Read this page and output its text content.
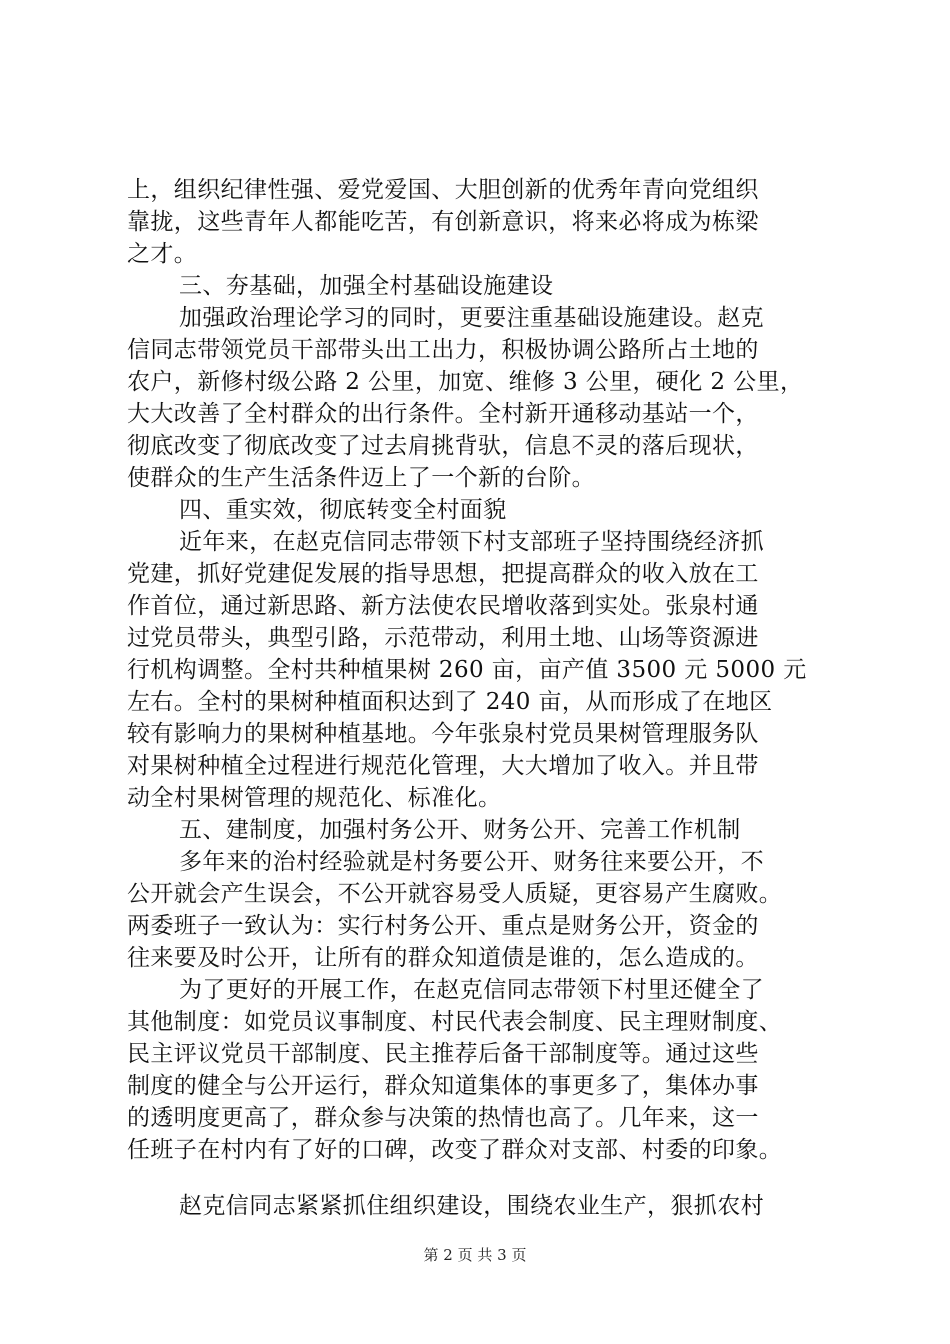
上，组织纪律性强、爱党爱国、大胆创新的优秀年青向党组织
靠拢，这些青年人都能吃苦，有创新意识，将来必将成为栋梁
之才。
三、夯基础，加强全村基础设施建设
加强政治理论学习的同时，更要注重基础设施建设。赵克
信同志带领党员干部带头出工出力，积极协调公路所占土地的
农户，新修村级公路 2 公里，加宽、维修 3 公里，硬化 2 公里，
大大改善了全村群众的出行条件。全村新开通移动基站一个，
彻底改变了彻底改变了过去肩挑背驮，信息不灵的落后现状，
使群众的生产生活条件迈上了一个新的台阶。
四、重实效，彻底转变全村面貌
近年来，在赵克信同志带领下村支部班子坚持围绕经济抓
党建，抓好党建促发展的指导思想，把提高群众的收入放在工
作首位，通过新思路、新方法使农民增收落到实处。张泉村通
过党员带头，典型引路，示范带动，利用土地、山场等资源进
行机构调整。全村共种植果树 260 亩，亩产值 3500 元 5000 元
左右。全村的果树种植面积达到了 240 亩，从而形成了在地区
较有影响力的果树种植基地。今年张泉村党员果树管理服务队
对果树种植全过程进行规范化管理，大大增加了收入。并且带
动全村果树管理的规范化、标准化。
五、建制度，加强村务公开、财务公开、完善工作机制
多年来的治村经验就是村务要公开、财务往来要公开，不
公开就会产生误会，不公开就容易受人质疑，更容易产生腐败。
两委班子一致认为：实行村务公开、重点是财务公开，资金的
往来要及时公开，让所有的群众知道债是谁的，怎么造成的。
为了更好的开展工作，在赵克信同志带领下村里还健全了
其他制度：如党员议事制度、村民代表会制度、民主理财制度、
民主评议党员干部制度、民主推荐后备干部制度等。通过这些
制度的健全与公开运行，群众知道集体的事更多了，集体办事
的透明度更高了，群众参与决策的热情也高了。几年来，这一
任班子在村内有了好的口碑，改变了群众对支部、村委的印象。
赵克信同志紧紧抓住组织建设，围绕农业生产，狠抓农村
第 2 页 共 3 页
